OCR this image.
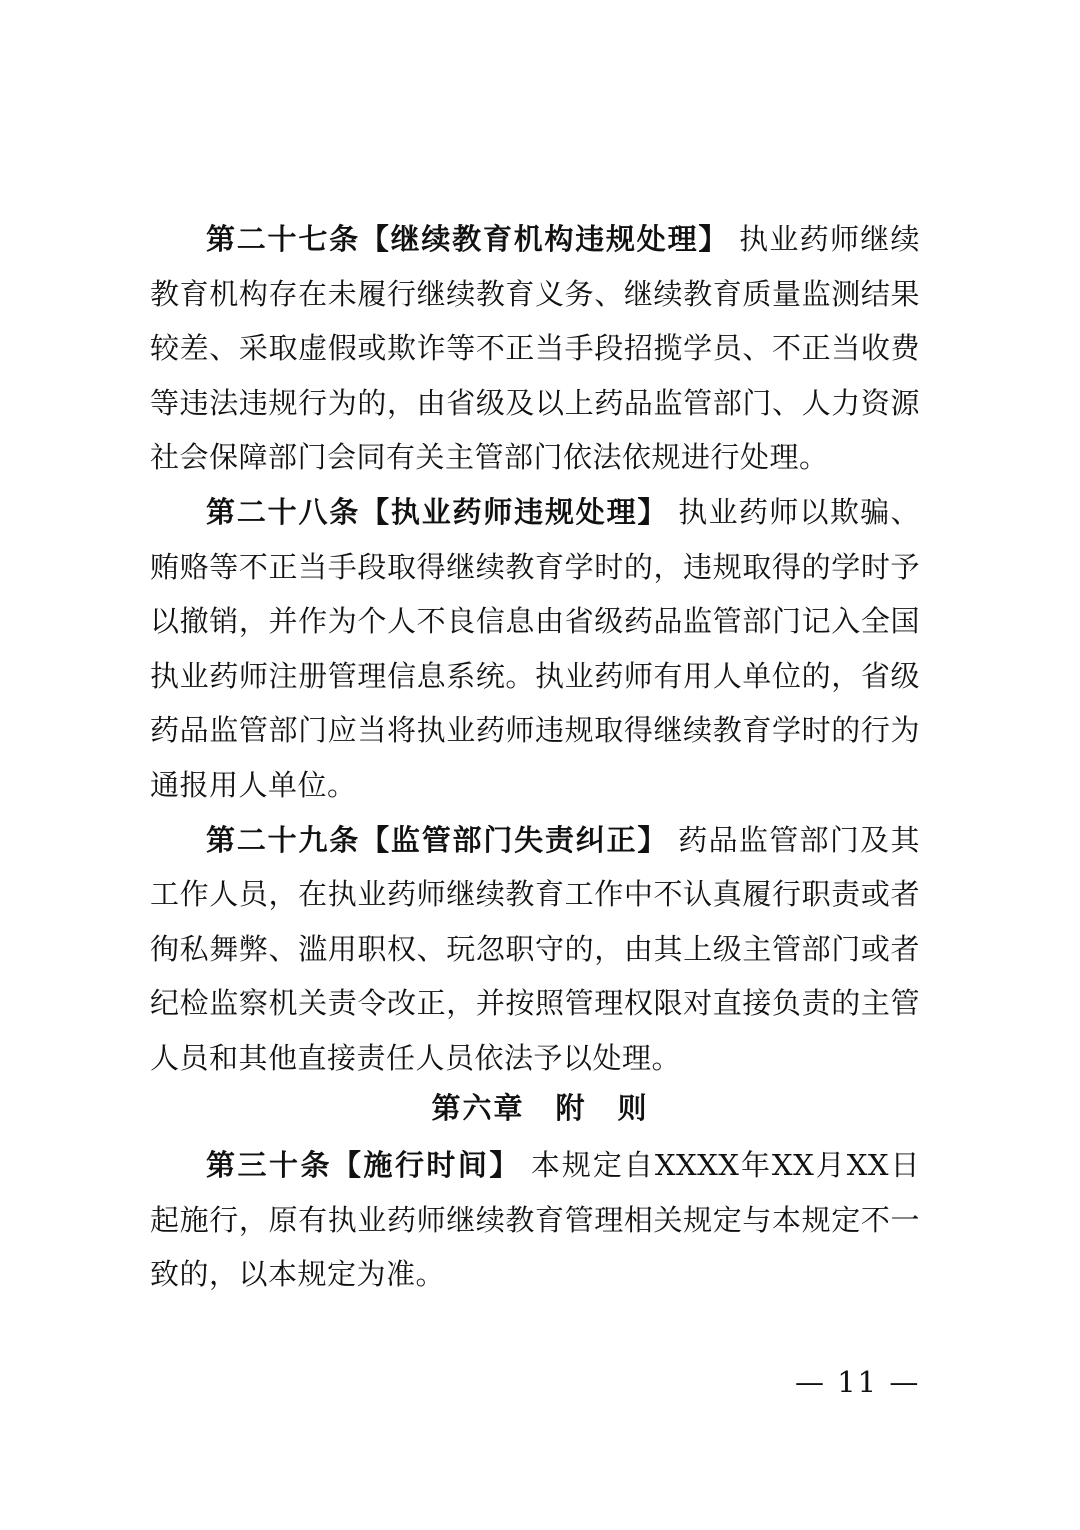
第二十七条【继续教育机构违规处理】 执业药师继续教育机构存在未履行继续教育义务、继续教育质量监测结果较差、采取虚假或欺诈等不正当手段招揽学员、不正当收费等违法违规行为的，由省级及以上药品监管部门、人力资源社会保障部门会同有关主管部门依法依规进行处理。

第二十八条【执业药师违规处理】 执业药师以欺骗、贿赂等不正当手段取得继续教育学时的，违规取得的学时予以撤销，并作为个人不良信息由省级药品监管部门记入全国执业药师注册管理信息系统。执业药师有用人单位的，省级药品监管部门应当将执业药师违规取得继续教育学时的行为通报用人单位。

第二十九条【监管部门失责纠正】 药品监管部门及其工作人员，在执业药师继续教育工作中不认真履行职责或者徇私舞弊、滥用职权、玩忽职守的，由其上级主管部门或者纪检监察机关责令改正，并按照管理权限对直接负责的主管人员和其他直接责任人员依法予以处理。

第六章　附　则

第三十条【施行时间】 本规定自XXXX年XX月XX日起施行，原有执业药师继续教育管理相关规定与本规定不一致的，以本规定为准。

— 11 —
